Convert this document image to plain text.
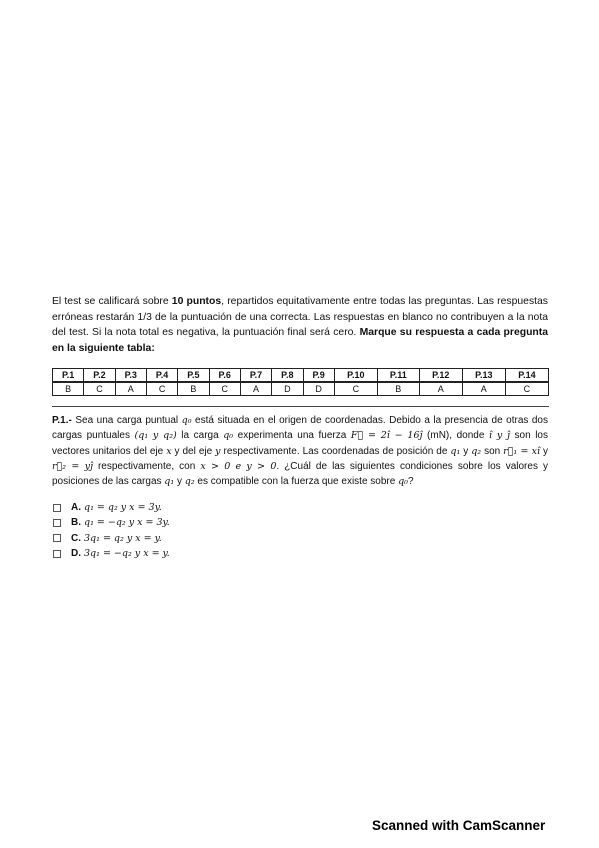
El test se calificará sobre 10 puntos, repartidos equitativamente entre todas las preguntas. Las respuestas erróneas restarán 1/3 de la puntuación de una correcta. Las respuestas en blanco no contribuyen a la nota del test. Si la nota total es negativa, la puntuación final será cero. Marque su respuesta a cada pregunta en la siguiente tabla:
P.1	P.2	P.3	P.4	P.5	P.6	P.7	P.8	P.9	P.10	P.11	P.12	P.13	P.14
B	C	A	C	B	C	A	D	D	C	B	A	A	C
P.1.- Sea una carga puntual q₀ está situada en el origen de coordenadas. Debido a la presencia de otras dos cargas puntuales (q₁ y q₂) la carga q₀ experimenta una fuerza F⃗ = 2î − 16ĵ (mN), donde î y ĵ son los vectores unitarios del eje x y del eje y respectivamente. Las coordenadas de posición de q₁ y q₂ son r⃗₁ = xî y r⃗₂ = yĵ respectivamente, con x > 0 e y > 0. ¿Cuál de las siguientes condiciones sobre los valores y posiciones de las cargas q₁ y q₂ es compatible con la fuerza que existe sobre q₀?
A. q₁ = q₂ y x = 3y.
B. q₁ = −q₂ y x = 3y.
C. 3q₁ = q₂ y x = y.
D. 3q₁ = −q₂ y x = y.
Scanned with CamScanner
